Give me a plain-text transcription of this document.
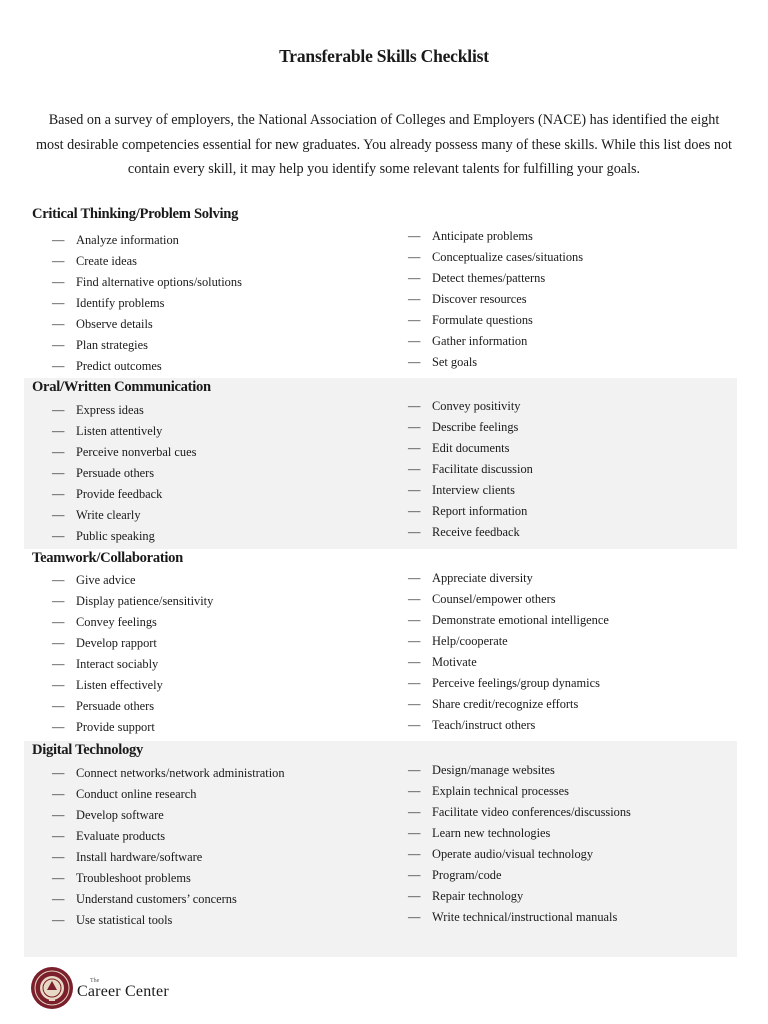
Transferable Skills Checklist
Based on a survey of employers, the National Association of Colleges and Employers (NACE) has identified the eight most desirable competencies essential for new graduates. You already possess many of these skills. While this list does not contain every skill, it may help you identify some relevant talents for fulfilling your goals.
Critical Thinking/Problem Solving
— Analyze information
— Create ideas
— Find alternative options/solutions
— Identify problems
— Observe details
— Plan strategies
— Predict outcomes
— Anticipate problems
— Conceptualize cases/situations
— Detect themes/patterns
— Discover resources
— Formulate questions
— Gather information
— Set goals
Oral/Written Communication
— Express ideas
— Listen attentively
— Perceive nonverbal cues
— Persuade others
— Provide feedback
— Write clearly
— Public speaking
— Convey positivity
— Describe feelings
— Edit documents
— Facilitate discussion
— Interview clients
— Report information
— Receive feedback
Teamwork/Collaboration
— Give advice
— Display patience/sensitivity
— Convey feelings
— Develop rapport
— Interact sociably
— Listen effectively
— Persuade others
— Provide support
— Appreciate diversity
— Counsel/empower others
— Demonstrate emotional intelligence
— Help/cooperate
— Motivate
— Perceive feelings/group dynamics
— Share credit/recognize efforts
— Teach/instruct others
Digital Technology
— Connect networks/network administration
— Conduct online research
— Develop software
— Evaluate products
— Install hardware/software
— Troubleshoot problems
— Understand customers’ concerns
— Use statistical tools
— Design/manage websites
— Explain technical processes
— Facilitate video conferences/discussions
— Learn new technologies
— Operate audio/visual technology
— Program/code
— Repair technology
— Write technical/instructional manuals
The
Career Center
